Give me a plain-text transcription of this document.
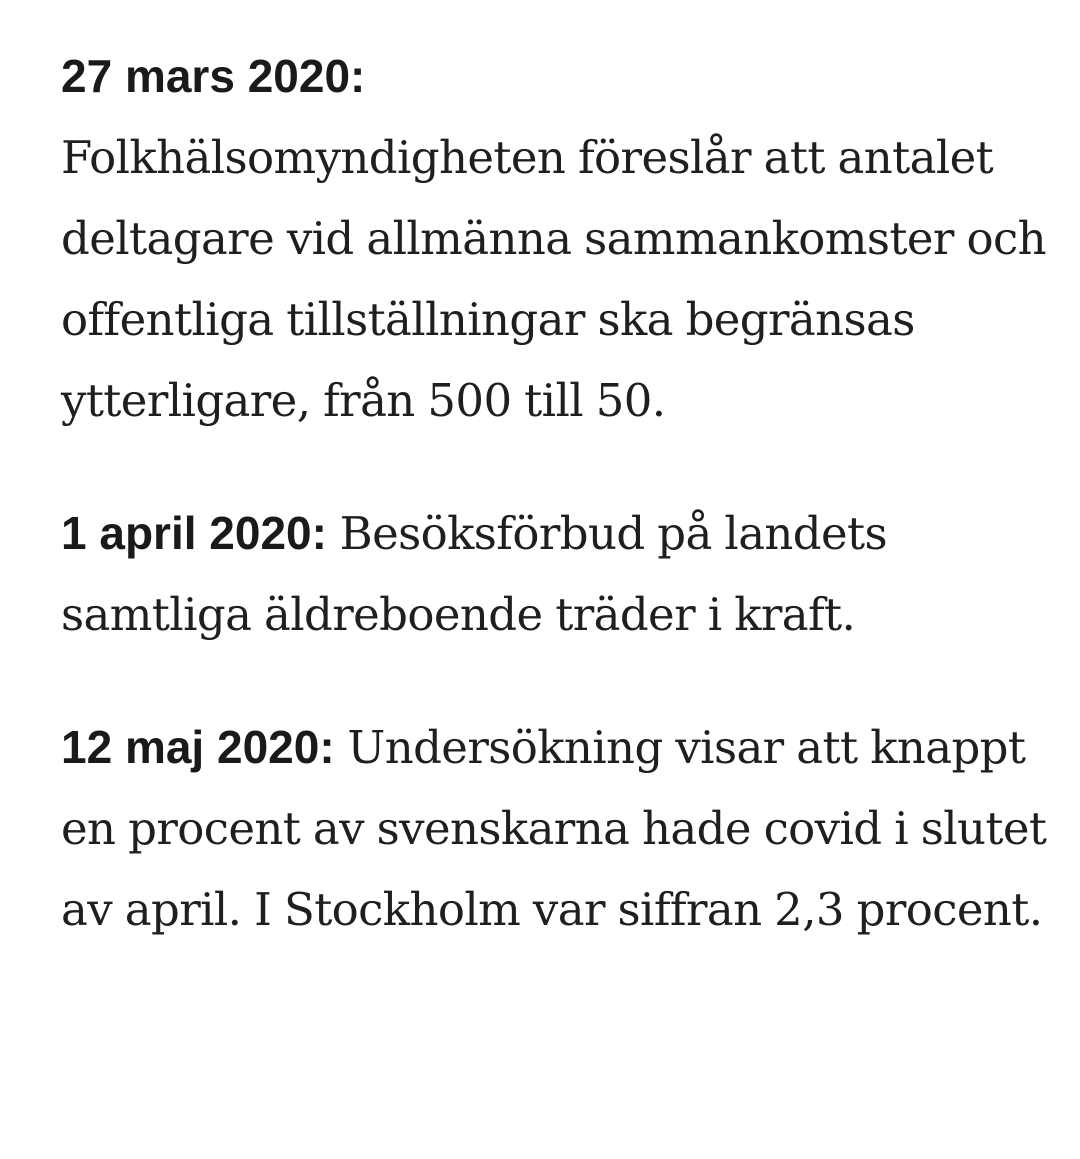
27 mars 2020:
Folkhälsomyndigheten föreslår att antalet deltagare vid allmänna sammankomster och offentliga tillställningar ska begränsas ytterligare, från 500 till 50.

1 april 2020: Besöksförbud på landets samtliga äldreboende träder i kraft.

12 maj 2020: Undersökning visar att knappt en procent av svenskarna hade covid i slutet av april. I Stockholm var siffran 2,3 procent.
